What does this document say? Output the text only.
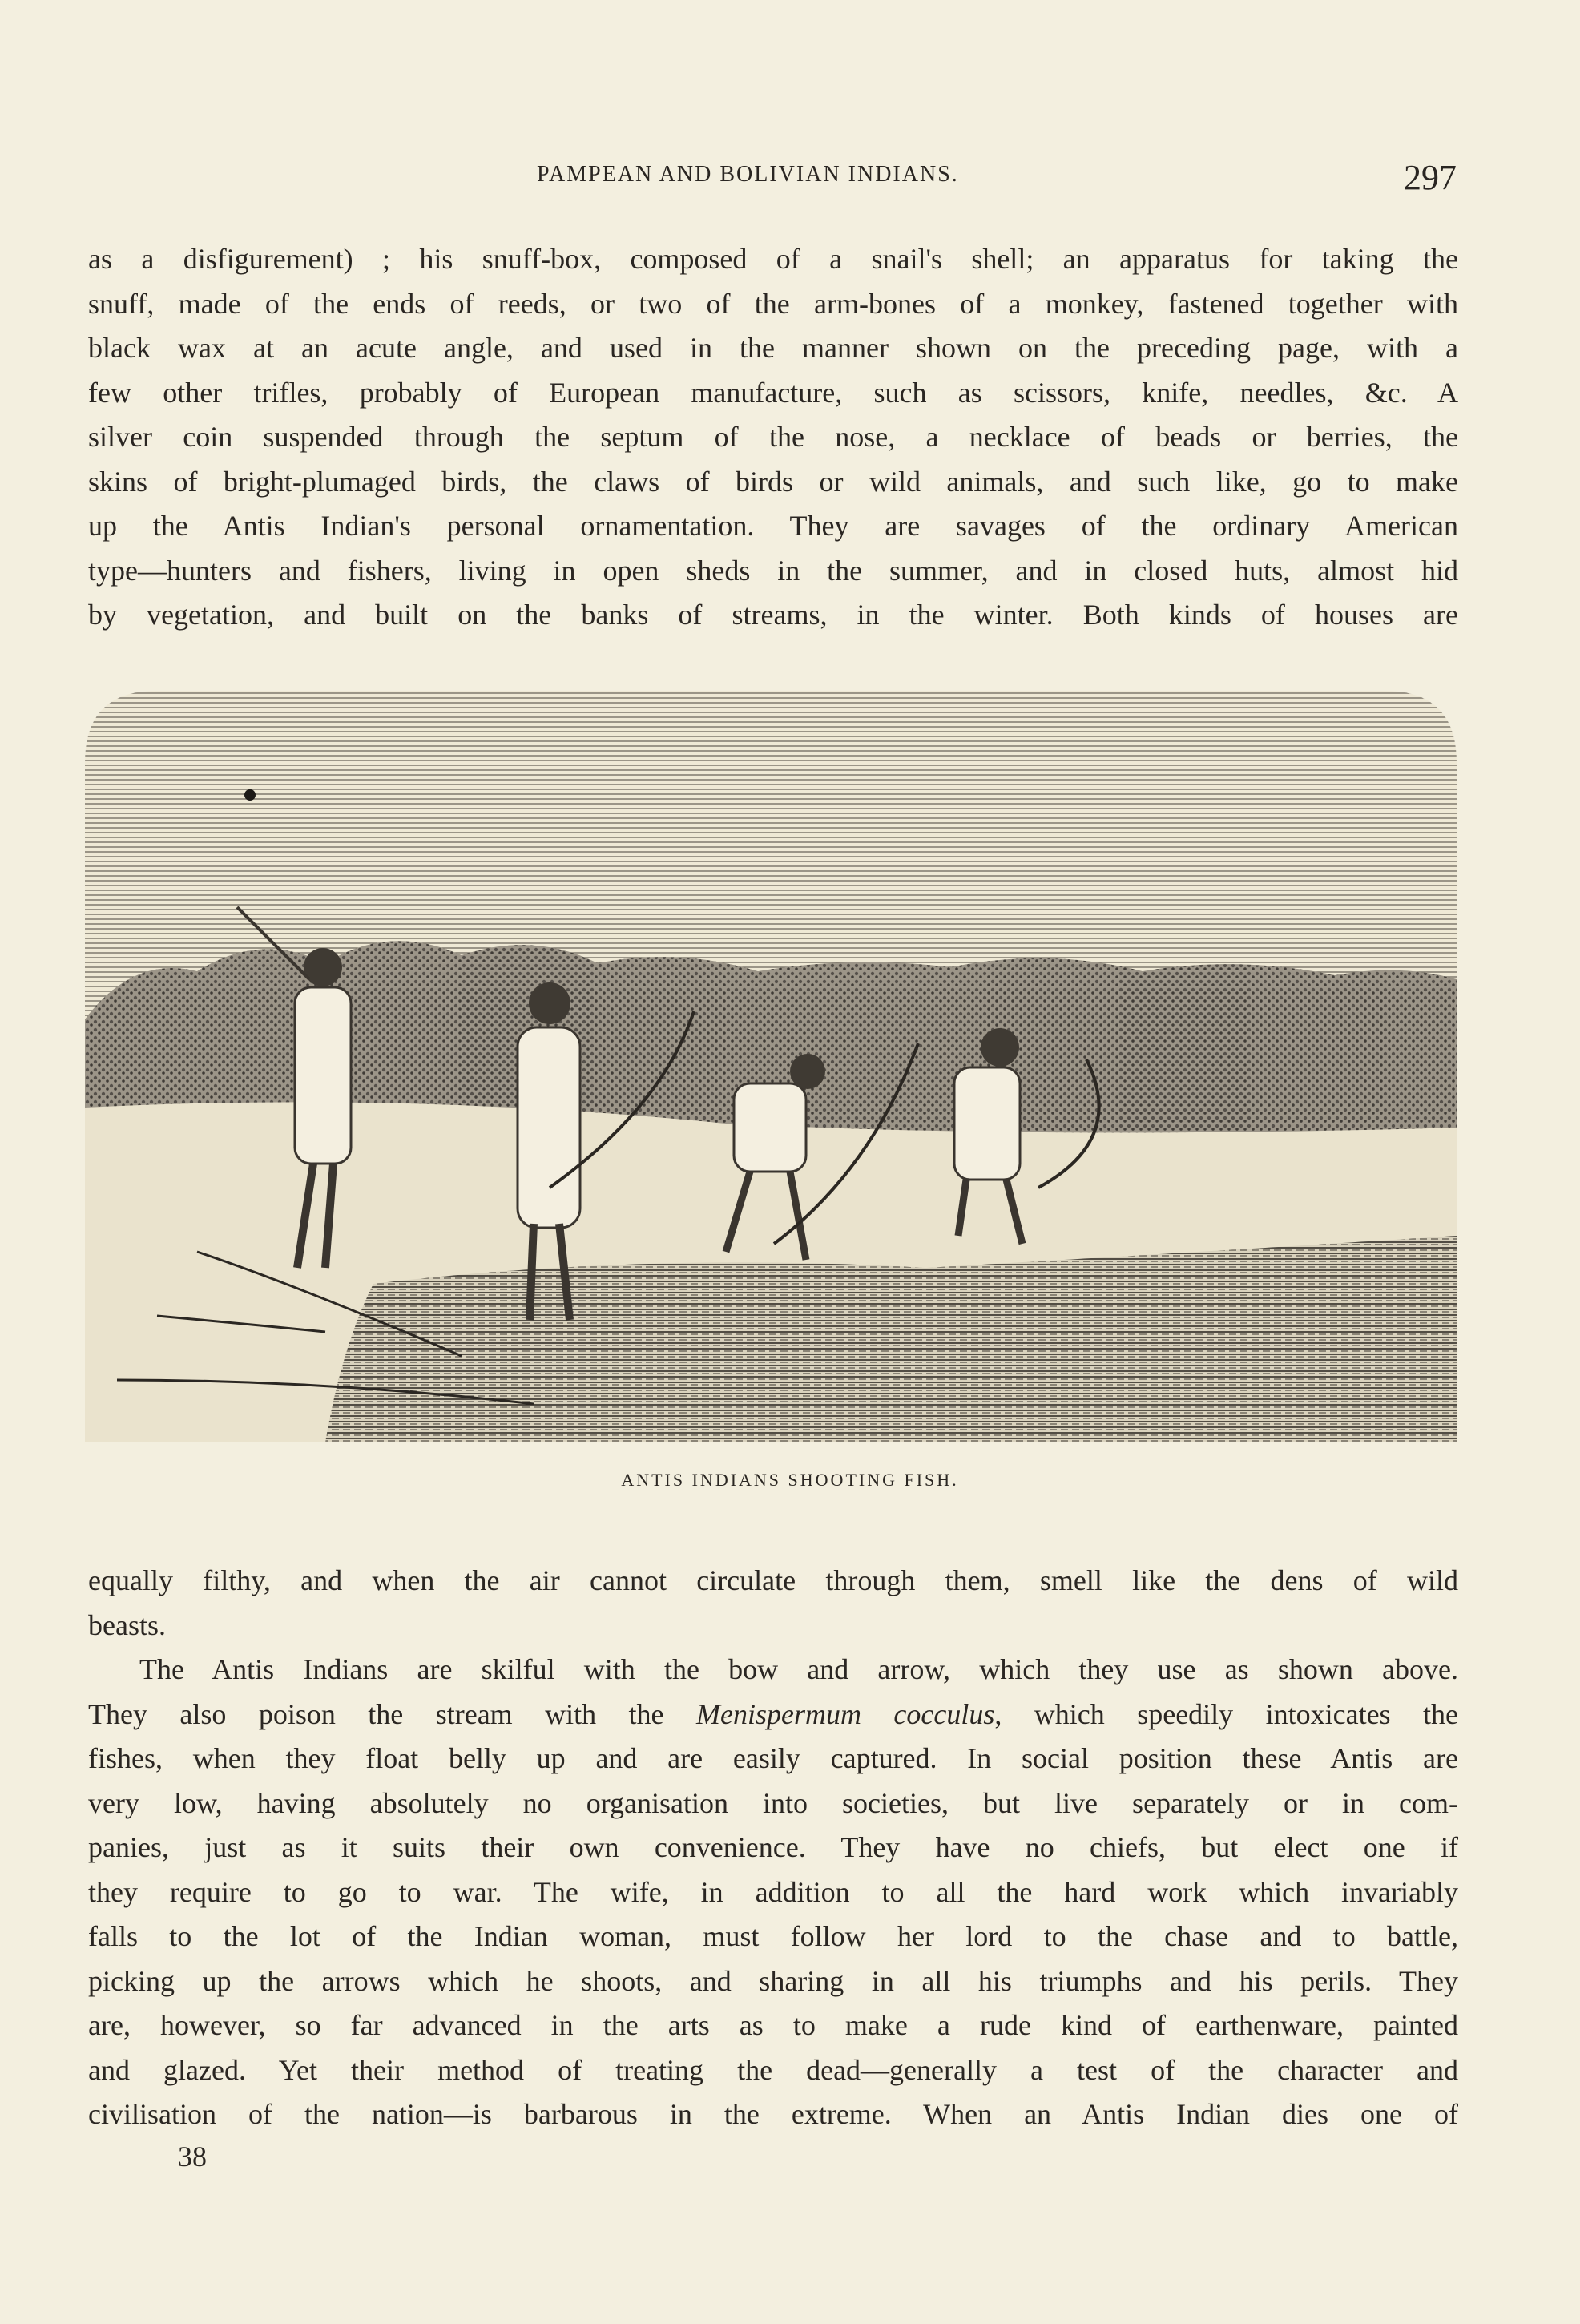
PAMPEAN AND BOLIVIAN INDIANS.	297

as a disfigurement) ; his snuff-box, composed of a snail's shell; an apparatus for taking the

snuff, made of the ends of reeds, or two of the arm-bones of a monkey, fastened together with

black wax at an acute angle, and used in the manner shown on the preceding page, with a

few other trifles, probably of European manufacture, such as scissors, knife, needles, &c. A

silver coin suspended through the septum of the nose, a necklace of beads or berries, the

skins of bright-plumaged birds, the claws of birds or wild animals, and such like, go to make

up the Antis Indian's personal ornamentation. They are savages of the ordinary American

type—hunters and fishers, living in open sheds in the summer, and in closed huts, almost hid

by vegetation, and built on the banks of streams, in the winter. Both kinds of houses are

ANTIS INDIANS SHOOTING FISH.

equally filthy, and when the air cannot circulate through them, smell like the dens of wild

beasts.

The Antis Indians are skilful with the bow and arrow, which they use as shown above.

They also poison the stream with the Menispermum cocculus, which speedily intoxicates the

fishes, when they float belly up and are easily captured. In social position these Antis are

very low, having absolutely no organisation into societies, but live separately or in com-

panies, just as it suits their own convenience. They have no chiefs, but elect one if

they require to go to war. The wife, in addition to all the hard work which invariably

falls to the lot of the Indian woman, must follow her lord to the chase and to battle,

picking up the arrows which he shoots, and sharing in all his triumphs and his perils. They

are, however, so far advanced in the arts as to make a rude kind of earthenware, painted

and glazed. Yet their method of treating the dead—generally a test of the character and

civilisation of the nation—is barbarous in the extreme. When an Antis Indian dies one of

38
